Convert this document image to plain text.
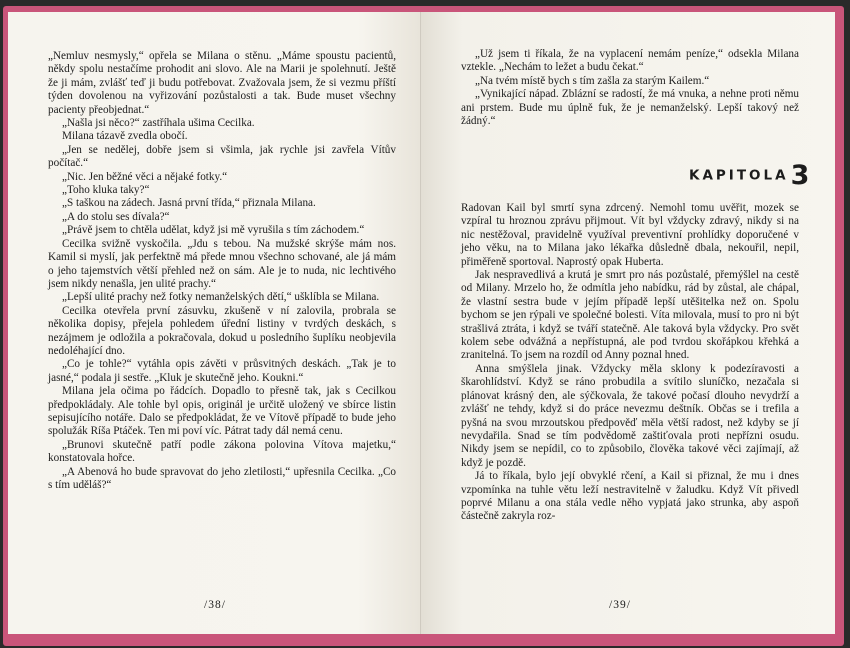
„Nemluv nesmysly,“ opřela se Milana o stěnu. „Máme spoustu pacientů, někdy spolu nestačíme prohodit ani slovo. Ale na Marii je spolehnutí. Ještě že ji mám, zvlášť teď ji budu potřebovat. Zvažovala jsem, že si vezmu příští týden dovolenou na vyřizování pozůstalosti a tak. Bude muset všechny pacienty přeobjednat.“

„Našla jsi něco?“ zastříhala ušima Cecilka.

Milana tázavě zvedla obočí.

„Jen se nedělej, dobře jsem si všimla, jak rychle jsi zavřela Vítův počítač.“

„Nic. Jen běžné věci a nějaké fotky.“

„Toho kluka taky?“

„S taškou na zádech. Jasná první třída,“ přiznala Milana.

„A do stolu ses dívala?“

„Právě jsem to chtěla udělat, když jsi mě vyrušila s tím záchodem.“

Cecilka svižně vyskočila. „Jdu s tebou. Na mužské skrýše mám nos. Kamil si myslí, jak perfektně má přede mnou všechno schované, ale já mám o jeho tajemstvích větší přehled než on sám. Ale je to nuda, nic lechtivého jsem nikdy nenašla, jen ulité prachy.“

„Lepší ulité prachy než fotky nemanželských dětí,“ ušklíbla se Milana.

Cecilka otevřela první zásuvku, zkušeně v ní zalovila, probrala se několika dopisy, přejela pohledem úřední listiny v tvrdých deskách, s nezájmem je odložila a pokračovala, dokud u posledního šuplíku neobjevila nedoléhající dno.

„Co je tohle?“ vytáhla opis závěti v průsvitných deskách. „Tak je to jasné,“ podala ji sestře. „Kluk je skutečně jeho. Koukni.“

Milana jela očima po řádcích. Dopadlo to přesně tak, jak s Cecilkou předpokládaly. Ale tohle byl opis, originál je určitě uložený ve sbírce listin sepisujícího notáře. Dalo se předpokládat, že ve Vítově případě to bude jeho spolužák Ríša Ptáček. Ten mi poví víc. Pátrat tady dál nemá cenu.

„Brunovi skutečně patří podle zákona polovina Vítova majetku,“ konstatovala hořce.

„A Abenová ho bude spravovat do jeho zletilosti,“ upřesnila Cecilka. „Co s tím uděláš?“

/38/

„Už jsem ti říkala, že na vyplacení nemám peníze,“ odsekla Milana vztekle. „Nechám to ležet a budu čekat.“

„Na tvém místě bych s tím zašla za starým Kailem.“

„Vynikající nápad. Zblázní se radostí, že má vnuka, a nehne proti němu ani prstem. Bude mu úplně fuk, že je nemanželský. Lepší takový než žádný.“

KAPITOLA3

Radovan Kail byl smrtí syna zdrcený. Nemohl tomu uvěřit, mozek se vzpíral tu hroznou zprávu přijmout. Vít byl vždycky zdravý, nikdy si na nic nestěžoval, pravidelně využíval preventivní prohlídky doporučené v jeho věku, na to Milana jako lékařka důsledně dbala, nekouřil, nepil, přiměřeně sportoval. Naprostý opak Huberta.

Jak nespravedlivá a krutá je smrt pro nás pozůstalé, přemýšlel na cestě od Milany. Mrzelo ho, že odmítla jeho nabídku, rád by zůstal, ale chápal, že vlastní sestra bude v jejím případě lepší utěšitelka než on. Spolu bychom se jen rýpali ve společné bolesti. Víta milovala, musí to pro ni být strašlivá ztráta, i když se tváří statečně. Ale taková byla vždycky. Pro svět kolem sebe odvážná a nepřístupná, ale pod tvrdou skořápkou křehká a zranitelná. To jsem na rozdíl od Anny poznal hned.

Anna smýšlela jinak. Vždycky měla sklony k podezíravosti a škarohlídství. Když se ráno probudila a svítilo sluníčko, nezačala si plánovat krásný den, ale sýčkovala, že takové počasí dlouho nevydrží a zvlášť ne tehdy, když si do práce nevezmu deštník. Občas se i trefila a pyšná na svou mrzoutskou předpověď měla větší radost, než kdyby se jí nevydařila. Snad se tím podvědomě zaštiťovala proti nepřízni osudu. Nikdy jsem se nepídil, co to způsobilo, člověka takové věci zajímají, až když je pozdě.

Já to říkala, bylo její obvyklé rčení, a Kail si přiznal, že mu i dnes vzpomínka na tuhle větu leží nestravitelně v žaludku. Když Vít přivedl poprvé Milanu a ona stála vedle něho vypjatá jako strunka, aby aspoň částečně zakryla roz-

/39/
